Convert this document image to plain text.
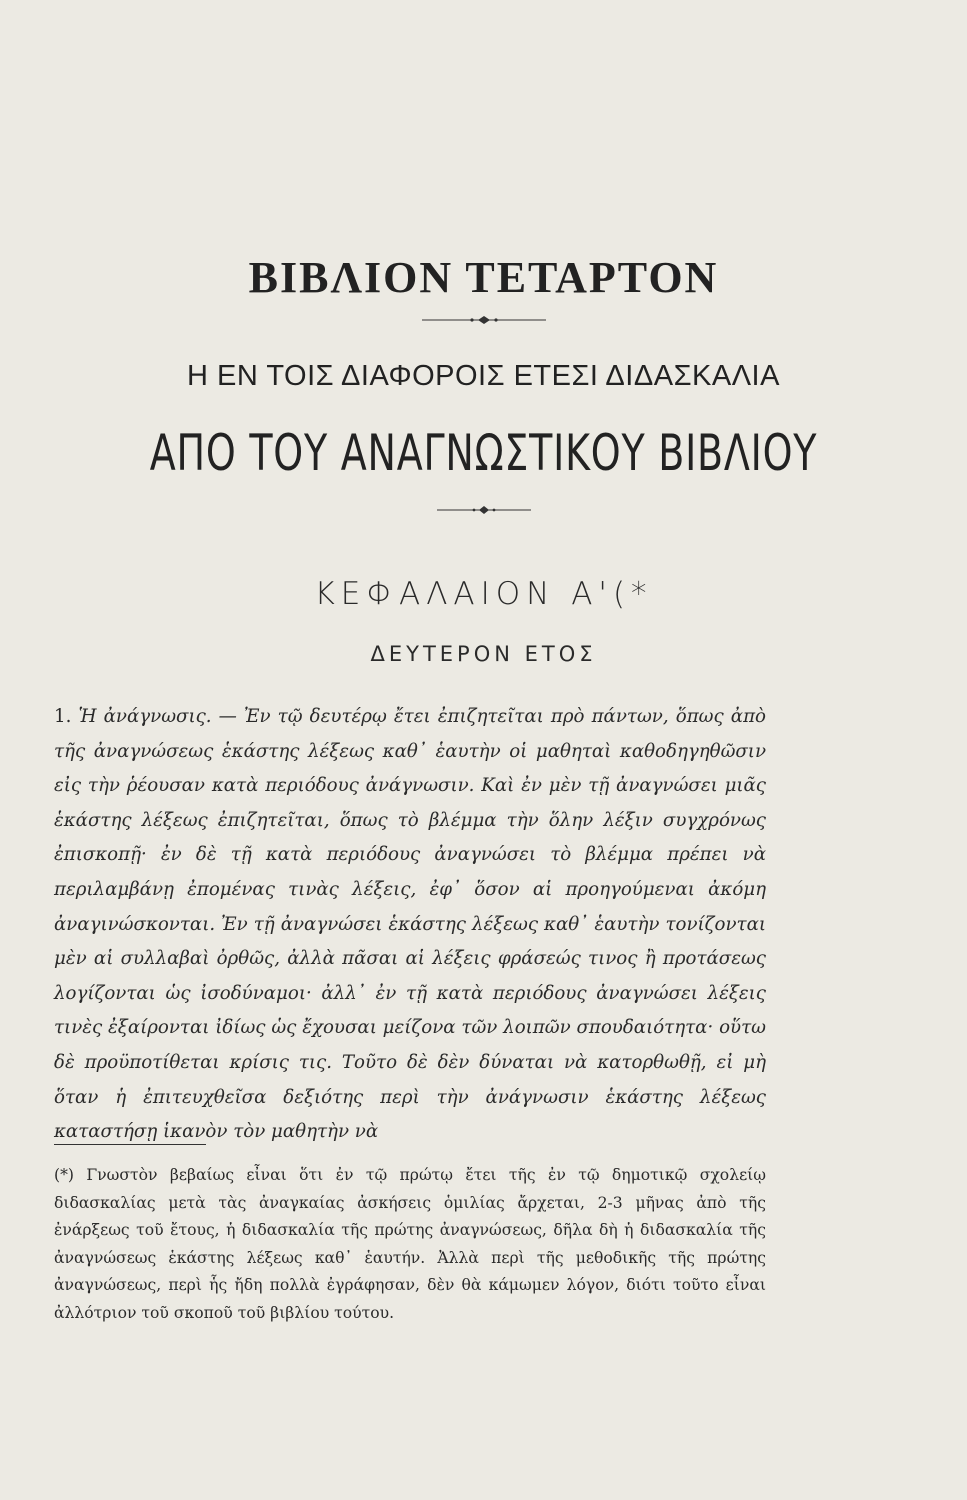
ΒΙΒΛΙΟΝ ΤΕΤΑΡΤΟΝ
Η ΕΝ ΤΟΙΣ ΔΙΑΦΟΡΟΙΣ ΕΤΕΣΙ ΔΙΔΑΣΚΑΛΙΑ
ΑΠΟ ΤΟΥ ΑΝΑΓΝΩΣΤΙΚΟΥ ΒΙΒΛΙΟΥ
ΚΕΦΑΛΑΙΟΝ Α'(*
ΔΕΥΤΕΡΟΝ ΕΤΟΣ
1. Ἡ ἀνάγνωσις. — Ἐν τῷ δευτέρῳ ἔτει ἐπιζητεῖται πρὸ πάντων, ὅπως ἀπὸ τῆς ἀναγνώσεως ἑκάστης λέξεως καθ᾿ ἑαυτὴν οἱ μαθηταὶ καθοδηγηθῶσιν εἰς τὴν ῥέουσαν κατὰ περιόδους ἀνάγνωσιν. Καὶ ἐν μὲν τῇ ἀναγνώσει μιᾶς ἑκάστης λέξεως ἐπιζητεῖται, ὅπως τὸ βλέμμα τὴν ὅλην λέξιν συγχρόνως ἐπισκοπῇ· ἐν δὲ τῇ κατὰ περιόδους ἀναγνώσει τὸ βλέμμα πρέπει νὰ περιλαμβάνῃ ἐπομένας τινὰς λέξεις, ἐφ᾿ ὅσον αἱ προηγούμεναι ἀκόμη ἀναγινώσκονται. Ἐν τῇ ἀναγνώσει ἑκάστης λέξεως καθ᾿ ἑαυτὴν τονίζονται μὲν αἱ συλλαβαὶ ὀρθῶς, ἀλλὰ πᾶσαι αἱ λέξεις φράσεώς τινος ἢ προτάσεως λογίζονται ὡς ἰσοδύναμοι· ἀλλ᾿ ἐν τῇ κατὰ περιόδους ἀναγνώσει λέξεις τινὲς ἐξαίρονται ἰδίως ὡς ἔχουσαι μείζονα τῶν λοιπῶν σπουδαιότητα· οὕτω δὲ προϋποτίθεται κρίσις τις. Τοῦτο δὲ δὲν δύναται νὰ κατορθωθῇ, εἰ μὴ ὅταν ἡ ἐπιτευχθεῖσα δεξιότης περὶ τὴν ἀνάγνωσιν ἑκάστης λέξεως καταστήσῃ ἱκανὸν τὸν μαθητὴν νὰ
(*) Γνωστὸν βεβαίως εἶναι ὅτι ἐν τῷ πρώτῳ ἔτει τῆς ἐν τῷ δημοτικῷ σχολείῳ διδασκαλίας μετὰ τὰς ἀναγκαίας ἀσκήσεις ὁμιλίας ἄρχεται, 2-3 μῆνας ἀπὸ τῆς ἐνάρξεως τοῦ ἔτους, ἡ διδασκαλία τῆς πρώτης ἀναγνώσεως, δῆλα δὴ ἡ διδασκαλία τῆς ἀναγνώσεως ἑκάστης λέξεως καθ᾿ ἑαυτήν. Ἀλλὰ περὶ τῆς μεθοδικῆς τῆς πρώτης ἀναγνώσεως, περὶ ἧς ἤδη πολλὰ ἐγράφησαν, δὲν θὰ κάμωμεν λόγον, διότι τοῦτο εἶναι ἀλλότριον τοῦ σκοποῦ τοῦ βιβλίου τούτου.
